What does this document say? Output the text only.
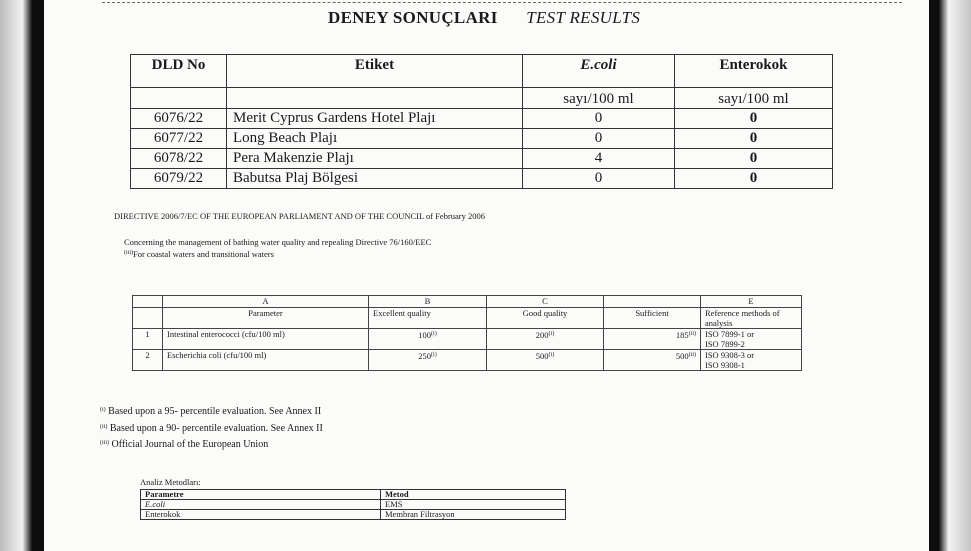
DENEY SONUÇLARI TEST RESULTS
DLD No	Etiket	E.coli	Enterokok
		sayı/100 ml	sayı/100 ml
6076/22	Merit Cyprus Gardens Hotel Plajı	0	0
6077/22	Long Beach Plajı	0	0
6078/22	Pera Makenzie Plajı	4	0
6079/22	Babutsa Plaj Bölgesi	0	0
DIRECTIVE 2006/7/EC OF THE EUROPEAN PARLIAMENT AND OF THE COUNCIL of February 2006
Concerning the management of bathing water quality and repealing Directive 76/160/EEC
$^{(iii)}$For coastal waters and transitional waters
	A	B	C		E
	Parameter	Excellent quality	Good quality	Sufficient	Reference methods of analysis
1	Intestinal enterococci (cfu/100 ml)	100$^{(i)}$	200$^{(i)}$	185$^{(ii)}$	ISO 7899-1 or
ISO 7899-2

2	Escherichia coli (cfu/100 ml)	250$^{(i)}$	500$^{(i)}$	500$^{(ii)}$	ISO 9308-3 or
ISO 9308-1
$^{(i)}$ Based upon a 95- percentile evaluation. See Annex II
$^{(ii)}$ Based upon a 90- percentile evaluation. See Annex II
$^{(iii)}$ Official Journal of the European Union
Analiz Metodları:
Parametre	Metod
E.coli	EMS
Enterokok	Membran Filtrasyon
